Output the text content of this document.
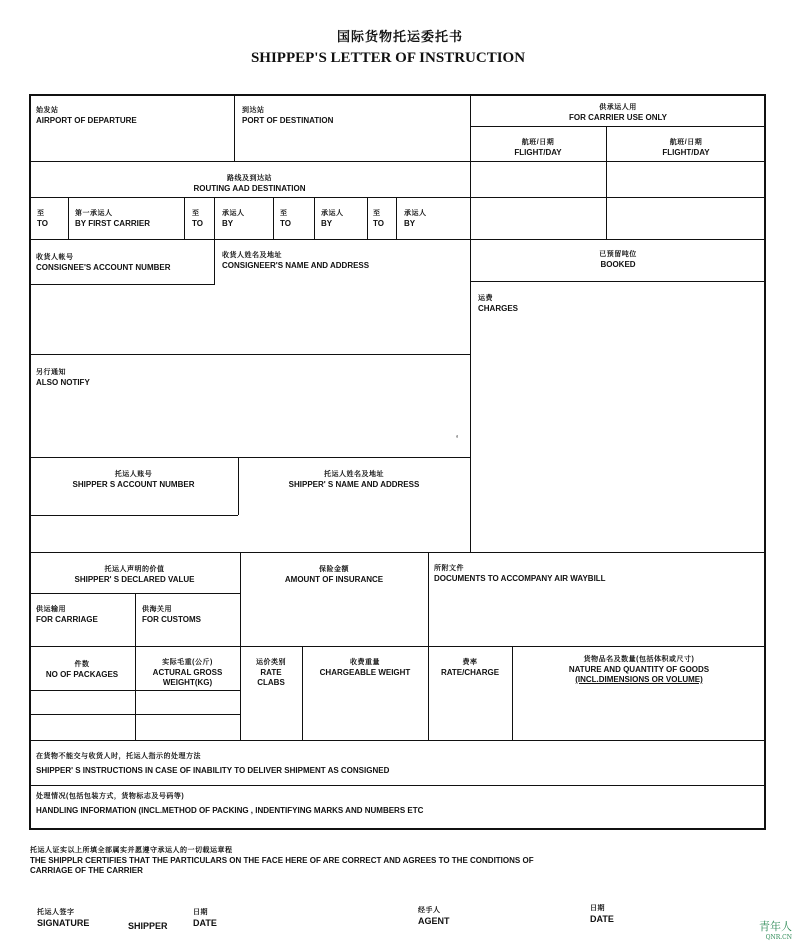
国际货物托运委托书
SHIPPEP'S LETTER OF INSTRUCTION
始发站
AIRPORT OF DEPARTURE
到达站
PORT OF DESTINATION
供承运人用
FOR CARRIER USE ONLY
航班/日期
FLIGHT/DAY
航班/日期
FLIGHT/DAY
路线及到达站
ROUTING AAD DESTINATION
至
TO
第一承运人
BY FIRST CARRIER
至
TO
承运人
BY
至
TO
承运人
BY
至
TO
承运人
BY
收货人帐号
CONSIGNEE'S ACCOUNT NUMBER
收货人姓名及地址
CONSIGNEER'S NAME AND ADDRESS
已预留吨位
BOOKED
运费
CHARGES
另行通知
ALSO NOTIFY
‘
托运人账号
SHIPPER S ACCOUNT NUMBER
托运人姓名及地址
SHIPPER' S NAME AND ADDRESS
托运人声明的价值
SHIPPER' S DECLARED VALUE
保险金额
AMOUNT OF INSURANCE
所附文件
DOCUMENTS TO ACCOMPANY AIR WAYBILL
供运输用
FOR CARRIAGE
供海关用
FOR CUSTOMS
件数
NO OF PACKAGES
实际毛重(公斤)
ACTURAL GROSS
WEIGHT(KG)
运价类别
RATE
CLABS
收费重量
CHARGEABLE WEIGHT
费率
RATE/CHARGE
货物品名及数量(包括体积或尺寸)
NATURE AND QUANTITY OF GOODS
(INCL.DIMENSIONS OR VOLUME)
在货物不能交与收货人时，托运人指示的处理方法
SHIPPER' S INSTRUCTIONS IN CASE OF INABILITY TO DELIVER SHIPMENT AS CONSIGNED
处理情况(包括包装方式，货物标志及号码等)
HANDLING INFORMATION (INCL.METHOD OF PACKING , INDENTIFYING MARKS AND NUMBERS ETC
托运人证实以上所填全部属实并愿遵守承运人的一切载运章程
THE SHIPPLR CERTIFIES THAT THE PARTICULARS ON THE FACE HERE OF ARE CORRECT AND AGREES TO THE CONDITIONS OF
CARRIAGE OF THE CARRIER
托运人签字
SIGNATURE	SHIPPER
日期
DATE
经手人
AGENT
日期
DATE
青年人
QNR.CN
